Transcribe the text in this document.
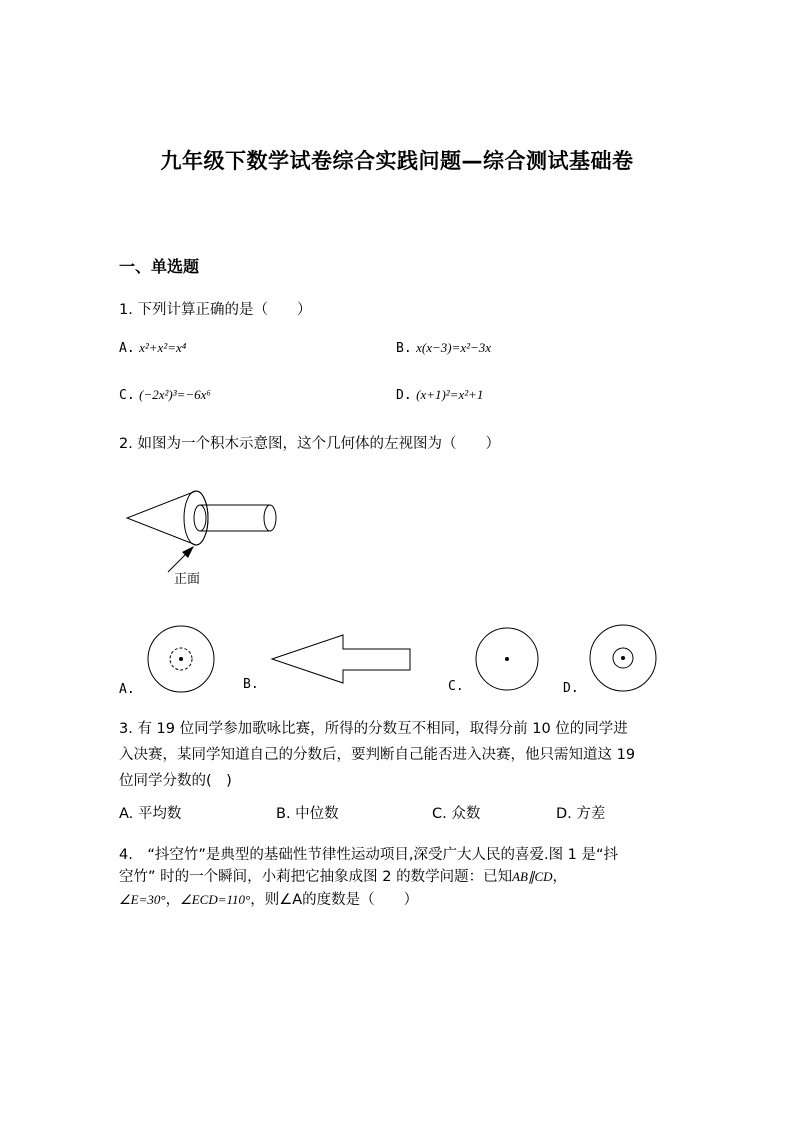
九年级下数学试卷综合实践问题—综合测试基础卷
一、单选题
1. 下列计算正确的是（　　）
A. x²+x²=x⁴	B. x(x−3)=x²−3x
C. (−2x²)³=−6x⁶	D. (x+1)²=x²+1
2. 如图为一个积木示意图，这个几何体的左视图为（　　）
正面
A.	B.	C.	D.
3. 有 19 位同学参加歌咏比赛，所得的分数互不相同，取得分前 10 位的同学进
入决赛，某同学知道自己的分数后，要判断自己能否进入决赛，他只需知道这 19
位同学分数的(　)
A. 平均数	B. 中位数	C. 众数	D. 方差
4.　“抖空竹”是典型的基础性节律性运动项目,深受广大人民的喜爱.图 1 是“抖
空竹” 时的一个瞬间，小莉把它抽象成图 2 的数学问题：已知AB∥CD，
∠E=30°，∠ECD=110°，则∠A的度数是（　　）
